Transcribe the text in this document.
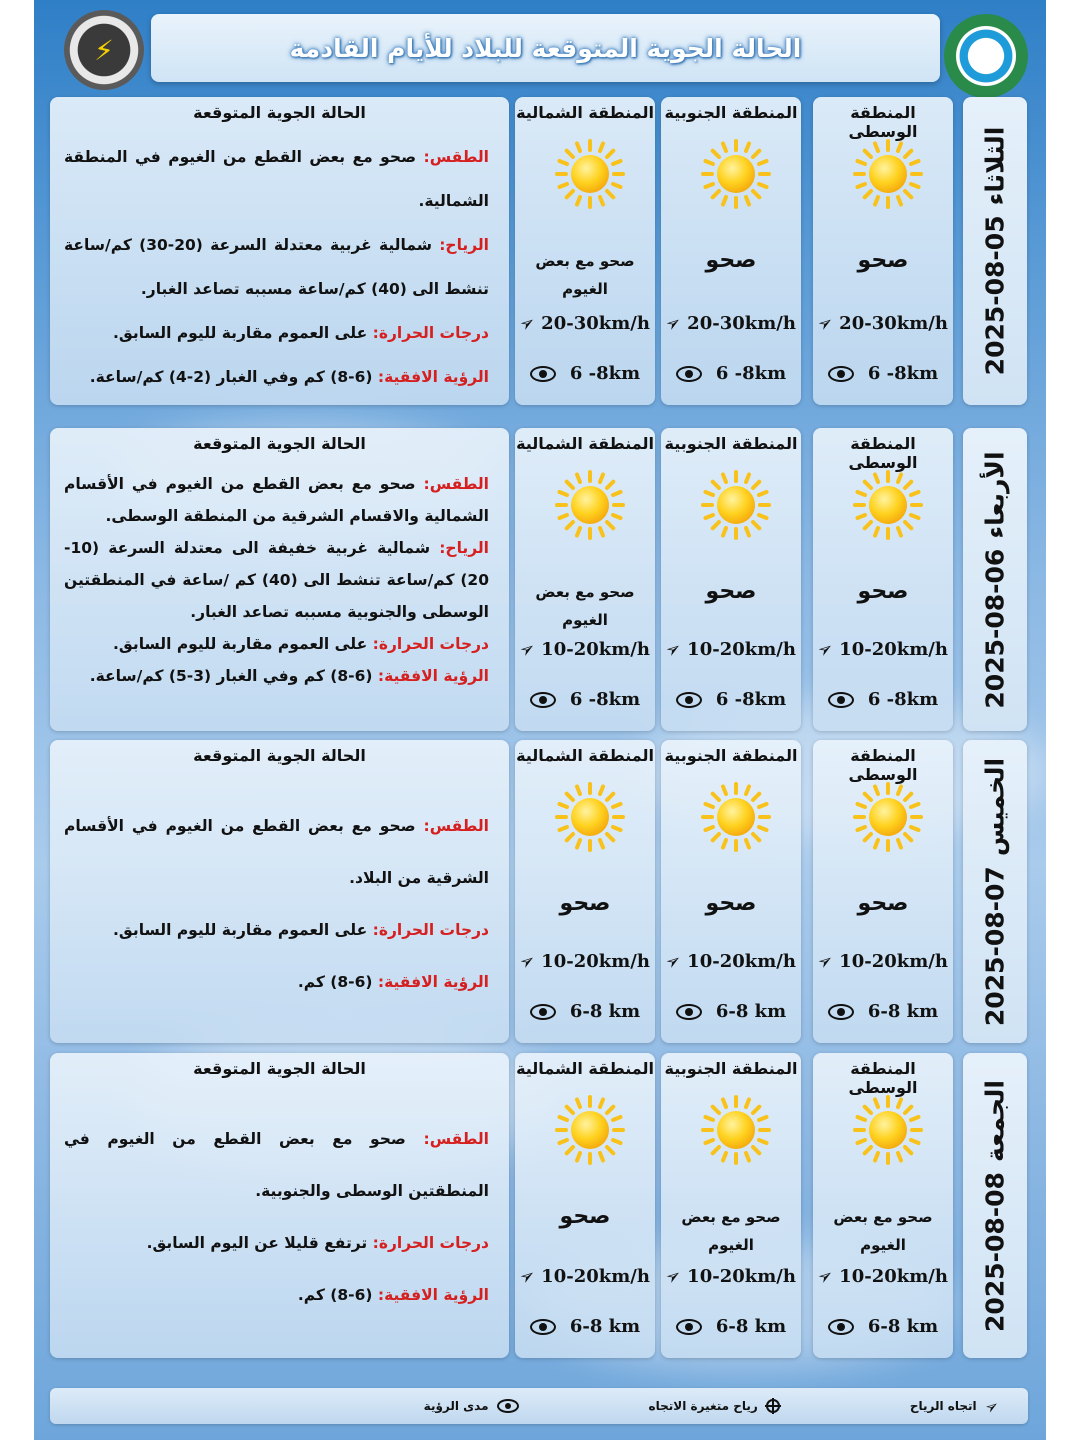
⚡	الحالة الجوية المتوقعة للبلاد للأيام القادمة	☁
2025-08-05
الثلاثاء
المنطقة الوسطى
صحو
➢ 20-30km/h
6 -8km
المنطقة الجنوبية
صحو
➢ 20-30km/h
6 -8km
المنطقة الشمالية
صحو مع بعض الغيوم
➢ 20-30km/h
6 -8km
الحالة الجوية المتوقعة

الطقس: صحو مع بعض القطع من الغيوم في المنطقة الشمالية.

الرياح: شمالية غربية معتدلة السرعة (20-30) كم/ساعة تنشط الى (40) كم/ساعة مسببه تصاعد الغبار.

درجات الحرارة: على العموم مقاربة لليوم السابق.

الرؤية الافقية: (6-8) كم وفي الغبار (2-4) كم/ساعة.

2025-08-06
الأربعاء
المنطقة الوسطى
صحو
➢ 10-20km/h
6 -8km
المنطقة الجنوبية
صحو
➢ 10-20km/h
6 -8km
المنطقة الشمالية
صحو مع بعض الغيوم
➢ 10-20km/h
6 -8km
الحالة الجوية المتوقعة

الطقس: صحو مع بعض القطع من الغيوم في الأقسام الشمالية والاقسام الشرقية من المنطقة الوسطى.

الرياح: شمالية غربية خفيفة الى معتدلة السرعة (10-20) كم/ساعة تنشط الى (40) كم /ساعة في المنطقتين الوسطى والجنوبية مسببه تصاعد الغبار.

درجات الحرارة: على العموم مقاربة لليوم السابق.

الرؤية الافقية: (6-8) كم وفي الغبار (3-5) كم/ساعة.

2025-08-07
الخميس
المنطقة الوسطى
صحو
➢ 10-20km/h
6-8 km
المنطقة الجنوبية
صحو
➢ 10-20km/h
6-8 km
المنطقة الشمالية
صحو
➢ 10-20km/h
6-8 km
الحالة الجوية المتوقعة

الطقس: صحو مع بعض القطع من الغيوم في الأقسام الشرقية من البلاد.

درجات الحرارة: على العموم مقاربة لليوم السابق.

الرؤية الافقية: (6-8) كم.

2025-08-08
الجمعة
المنطقة الوسطى
صحو مع بعض الغيوم
➢ 10-20km/h
6-8 km
المنطقة الجنوبية
صحو مع بعض الغيوم
➢ 10-20km/h
6-8 km
المنطقة الشمالية
صحو
➢ 10-20km/h
6-8 km
الحالة الجوية المتوقعة

الطقس: صحو مع بعض القطع من الغيوم في المنطقتين الوسطى والجنوبية.

درجات الحرارة: ترتفع قليلا عن اليوم السابق.

الرؤية الافقية: (6-8) كم.

➢
اتجاه الرياح
رياح متغيرة الاتجاه
مدى الرؤية
